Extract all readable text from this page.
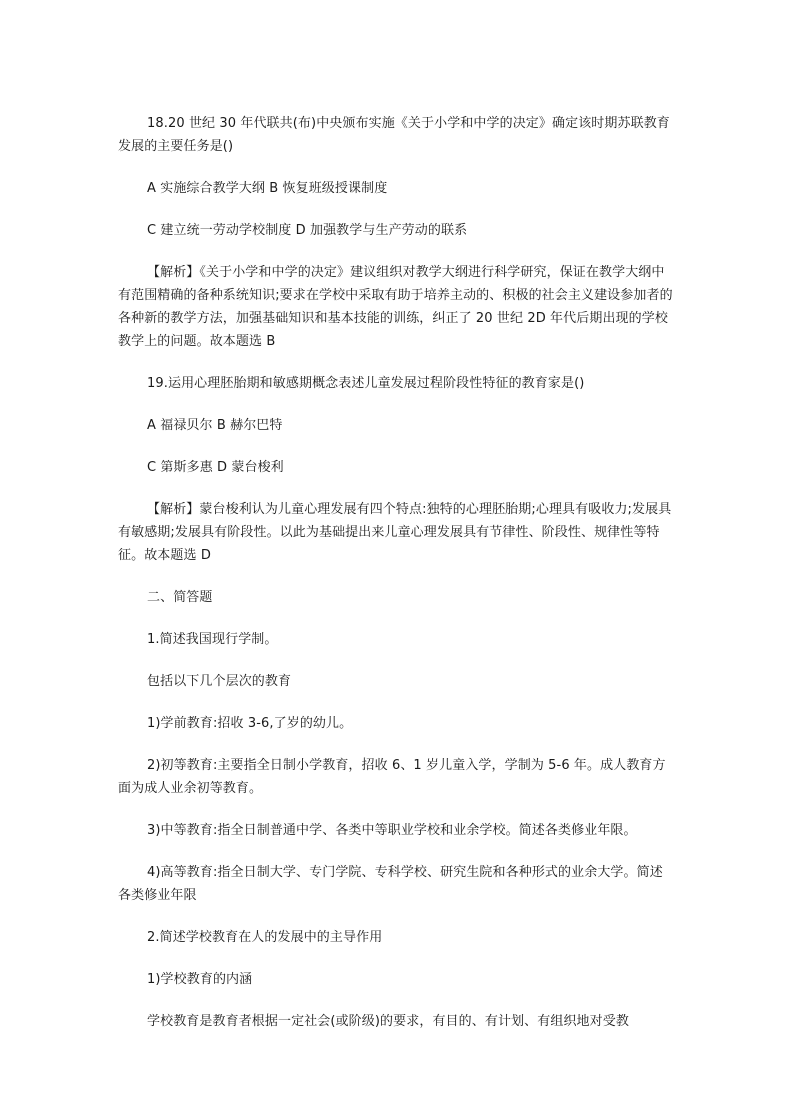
18.20 世纪 30 年代联共(布)中央颁布实施《关于小学和中学的决定》确定该时期苏联教育发展的主要任务是()

A 实施综合教学大纲 B 恢复班级授课制度

C 建立统一劳动学校制度 D 加强教学与生产劳动的联系

【解析】《关于小学和中学的决定》建议组织对教学大纲进行科学研究，保证在教学大纲中有范围精确的备种系统知识;要求在学校中采取有助于培养主动的、积极的社会主义建设参加者的各种新的教学方法，加强基础知识和基本技能的训练，纠正了 20 世纪 2D 年代后期出现的学校教学上的问题。故本题选 B

19.运用心理胚胎期和敏感期概念表述儿童发展过程阶段性特征的教育家是()

A 福禄贝尔 B 赫尔巴特

C 第斯多惠 D 蒙台梭利

【解析】蒙台梭利认为儿童心理发展有四个特点:独特的心理胚胎期;心理具有吸收力;发展具有敏感期;发展具有阶段性。以此为基础提出来儿童心理发展具有节律性、阶段性、规律性等特征。故本题选 D

二、简答题

1.简述我国现行学制。

包括以下几个层次的教育

1)学前教育:招收 3-6,了岁的幼儿。

2)初等教育:主要指全日制小学教育，招收 6、1 岁儿童入学，学制为 5-6 年。成人教育方面为成人业余初等教育。

3)中等教育:指全日制普通中学、各类中等职业学校和业余学校。简述各类修业年限。

4)高等教育:指全日制大学、专门学院、专科学校、研究生院和各种形式的业余大学。简述各类修业年限

2.简述学校教育在人的发展中的主导作用

1)学校教育的内涵

学校教育是教育者根据一定社会(或阶级)的要求，有目的、有计划、有组织地对受教
